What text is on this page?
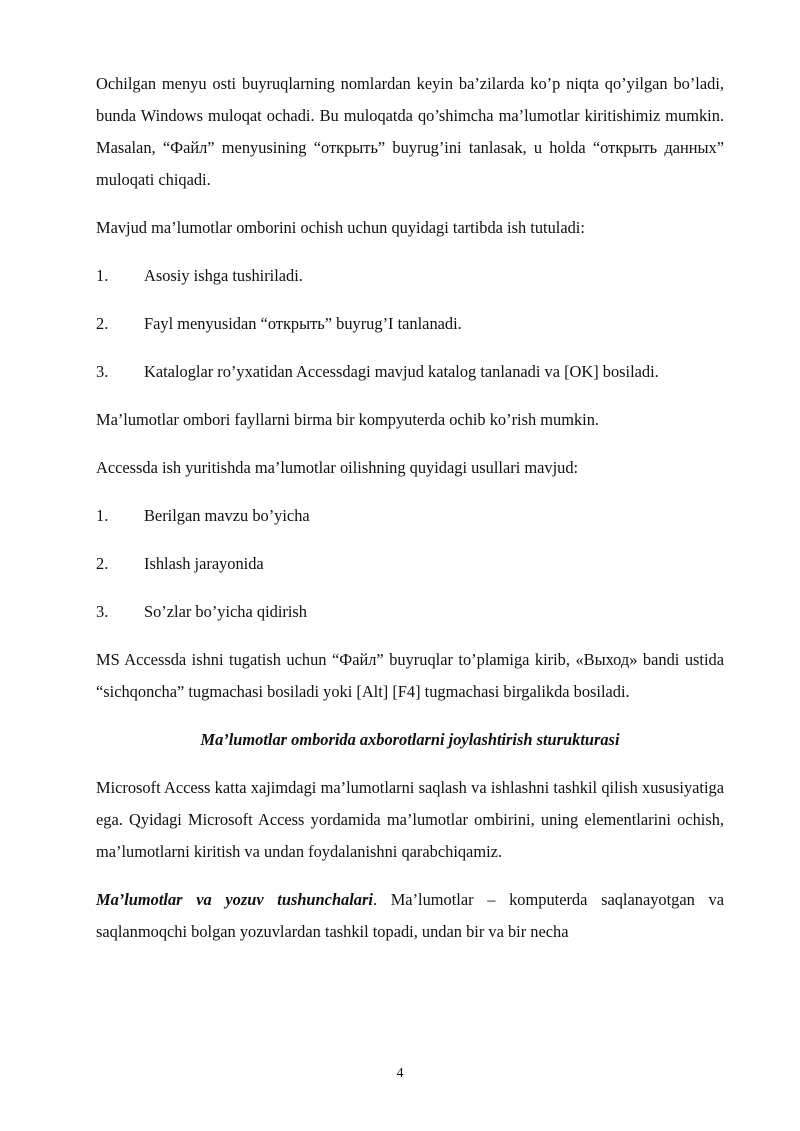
Ochilgan menyu osti buyruqlarning nomlardan keyin ba’zilarda ko’p niqta qo’yilgan bo’ladi, bunda Windows muloqat ochadi. Bu muloqatda qo’shimcha ma’lumotlar kiritishimiz mumkin. Masalan, “Файл” menyusining “открыть” buyrug’ini tanlasak, u holda “открыть данных” muloqati chiqadi.

Mavjud ma’lumotlar omborini ochish uchun quyidagi tartibda ish tutuladi:

1. Asosiy ishga tushiriladi.

2. Fayl menyusidan “открыть” buyrug’I tanlanadi.

3. Kataloglar ro’yxatidan Accessdagi mavjud katalog tanlanadi va [OK] bosiladi.

Ma’lumotlar ombori fayllarni birma bir kompyuterda ochib ko’rish mumkin.

Accessda ish yuritishda ma’lumotlar oilishning quyidagi usullari mavjud:

1. Berilgan mavzu bo’yicha

2. Ishlash jarayonida

3. So’zlar bo’yicha qidirish

MS Accessda ishni tugatish uchun “Файл” buyruqlar to’plamiga kirib, «Выход» bandi ustida “sichqoncha” tugmachasi bosiladi yoki [Alt] [F4] tugmachasi birgalikda bosiladi.

Ma’lumotlar omborida axborotlarni joylashtirish sturukturasi

Microsoft Access katta xajimdagi ma’lumotlarni saqlash va ishlashni tashkil qilish xususiyatiga ega. Qyidagi Microsoft Access yordamida ma’lumotlar ombirini, uning elementlarini ochish, ma’lumotlarni kiritish va undan foydalanishni qarabchiqamiz.

Ma’lumotlar va yozuv tushunchalari. Ma’lumotlar – komputerda saqlanayotgan va saqlanmoqchi bolgan yozuvlardan tashkil topadi, undan bir va bir necha

4
